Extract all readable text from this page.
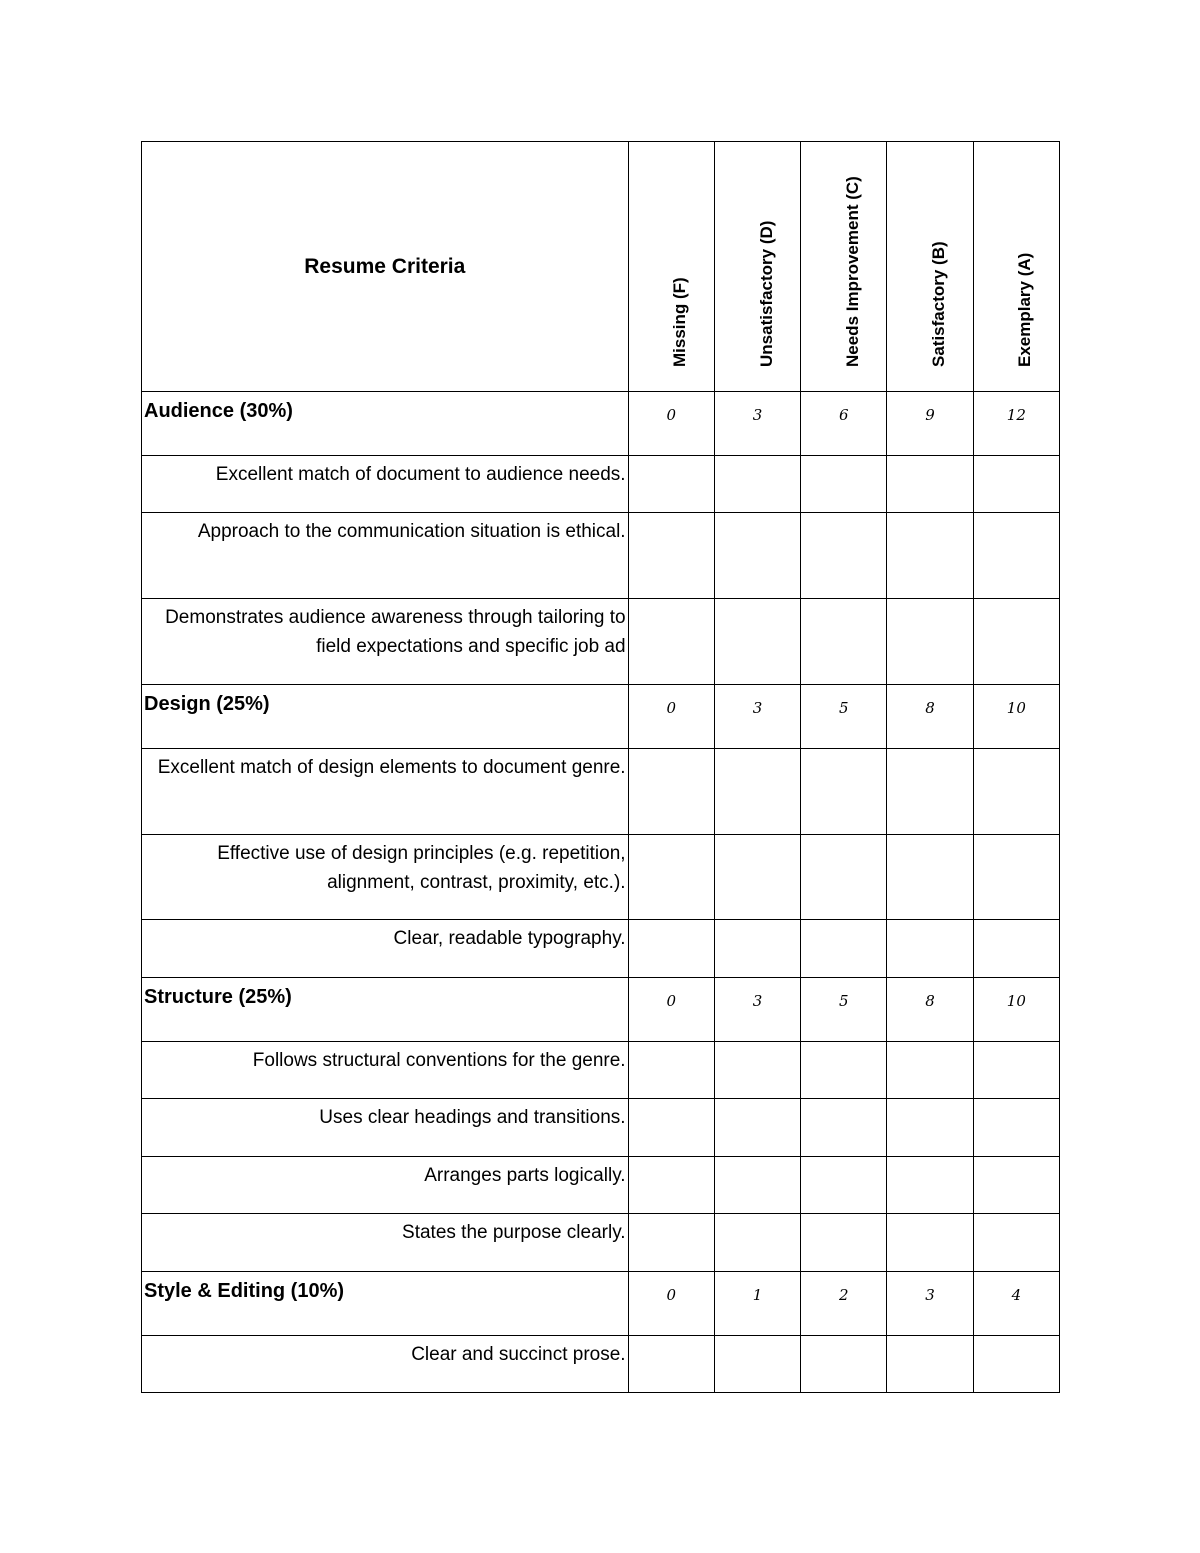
Resume Criteria	Missing (F)	Unsatisfactory (D)	Needs Improvement (C)	Satisfactory (B)	Exemplary (A)

Audience (30%)	0	3	6	9	12
Excellent match of document to audience needs.					
Approach to the communication situation is ethical.					
Demonstrates audience awareness through tailoring to field expectations and specific job ad					
Design (25%)	0	3	5	8	10
Excellent match of design elements to document genre.					
Effective use of design principles (e.g. repetition, alignment, contrast, proximity, etc.).					
Clear, readable typography.					
Structure (25%)	0	3	5	8	10
Follows structural conventions for the genre.					
Uses clear headings and transitions.					
Arranges parts logically.					
States the purpose clearly.					
Style & Editing (10%)	0	1	2	3	4
Clear and succinct prose.					
